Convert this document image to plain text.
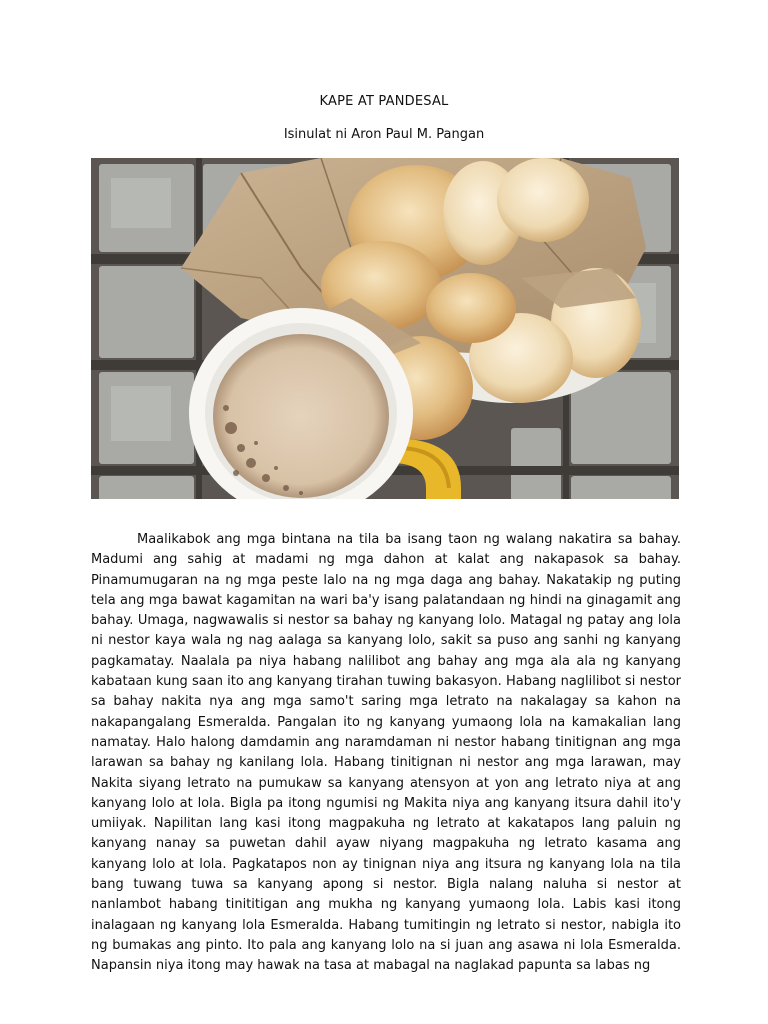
KAPE AT PANDESAL
Isinulat ni Aron Paul M. Pangan

Maalikabok ang mga bintana na tila ba isang taon ng walang nakatira sa bahay. Madumi ang sahig at madami ng mga dahon at kalat ang nakapasok sa bahay. Pinamumugaran na ng mga peste lalo na ng mga daga ang bahay. Nakatakip ng puting tela ang mga bawat kagamitan na wari ba'y isang palatandaan ng hindi na ginagamit ang bahay. Umaga, nagwawalis si nestor sa bahay ng kanyang lolo. Matagal ng patay ang lola ni nestor kaya wala ng nag aalaga sa kanyang lolo, sakit sa puso ang sanhi ng kanyang pagkamatay. Naalala pa niya habang nalilibot ang bahay ang mga ala ala ng kanyang kabataan kung saan ito ang kanyang tirahan tuwing bakasyon. Habang naglilibot si nestor sa bahay nakita nya ang mga samo't saring mga letrato na nakalagay sa kahon na nakapangalang Esmeralda. Pangalan ito ng kanyang yumaong lola na kamakalian lang namatay. Halo halong damdamin ang naramdaman ni nestor habang tinitignan ang mga larawan sa bahay ng kanilang lola. Habang tinitignan ni nestor ang mga larawan, may Nakita siyang letrato na pumukaw sa kanyang atensyon at yon ang letrato niya at ang kanyang lolo at lola. Bigla pa itong ngumisi ng Makita niya ang kanyang itsura dahil ito'y umiiyak. Napilitan lang kasi itong magpakuha ng letrato at kakatapos lang paluin ng kanyang nanay sa puwetan dahil ayaw niyang magpakuha ng letrato kasama ang kanyang lolo at lola. Pagkatapos non ay tinignan niya ang itsura ng kanyang lola na tila bang tuwang tuwa sa kanyang apong si nestor. Bigla nalang naluha si nestor at nanlambot habang tinititigan ang mukha ng kanyang yumaong lola. Labis kasi itong inalagaan ng kanyang lola Esmeralda. Habang tumitingin ng letrato si nestor, nabigla ito ng bumakas ang pinto. Ito pala ang kanyang lolo na si juan ang asawa ni lola Esmeralda. Napansin niya itong may hawak na tasa at mabagal na naglakad papunta sa labas ng
